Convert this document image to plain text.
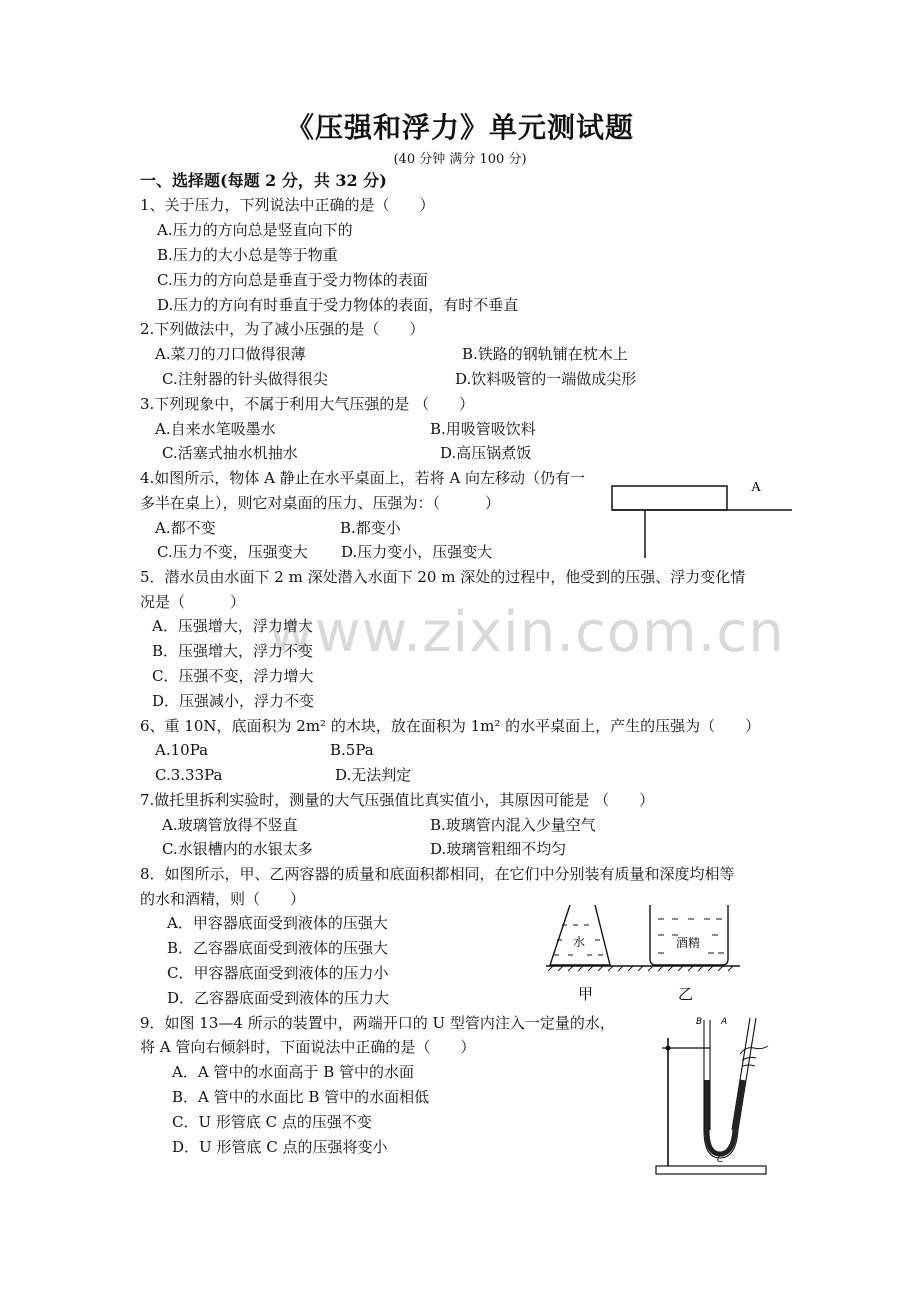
www.zixin.com.cn
《压强和浮力》单元测试题
(40 分钟 满分 100 分)
一、选择题(每题 2 分，共 32 分)
1、关于压力，下列说法中正确的是（　　）
A.压力的方向总是竖直向下的
B.压力的大小总是等于物重
C.压力的方向总是垂直于受力物体的表面
D.压力的方向有时垂直于受力物体的表面，有时不垂直
2.下列做法中，为了减小压强的是（　　）
A.菜刀的刀口做得很薄	B.铁路的钢轨铺在枕木上
C.注射器的针头做得很尖	D.饮料吸管的一端做成尖形
3.下列现象中，不属于利用大气压强的是 （　　）
A.自来水笔吸墨水	B.用吸管吸饮料
C.活塞式抽水机抽水	D.高压锅煮饭
4.如图所示，物体 A 静止在水平桌面上，若将 A 向左移动（仍有一
多半在桌上），则它对桌面的压力、压强为：（　　　）
A.都不变	B.都变小
C.压力不变，压强变大 D.压力变小，压强变大
A
5．潜水员由水面下 2 m 深处潜入水面下 20 m 深处的过程中，他受到的压强、浮力变化情
况是（　　　）
A．压强增大，浮力增大
B．压强增大，浮力不变
C．压强不变，浮力增大
D．压强减小，浮力不变
6、重 10N，底面积为 2m² 的木块，放在面积为 1m² 的水平桌面上，产生的压强为（　　）
A.10Pa	B.5Pa
C.3.33Pa	D.无法判定
7.做托里拆利实验时，测量的大气压强值比真实值小，其原因可能是 （　　）
A.玻璃管放得不竖直	B.玻璃管内混入少量空气
C.水银槽内的水银太多	D.玻璃管粗细不均匀
8．如图所示，甲、乙两容器的质量和底面积都相同，在它们中分别装有质量和深度均相等
的水和酒精，则（　　）
A．甲容器底面受到液体的压强大
B．乙容器底面受到液体的压强大
C．甲容器底面受到液体的压力小
D．乙容器底面受到液体的压力大
水	酒精
甲	乙
9．如图 13—4 所示的装置中，两端开口的 U 型管内注入一定量的水，
将 A 管向右倾斜时，下面说法中正确的是（　　）
A．A 管中的水面高于 B 管中的水面
B．A 管中的水面比 B 管中的水面相低
C．U 形管底 C 点的压强不变
D．U 形管底 C 点的压强将变小
B A
C
